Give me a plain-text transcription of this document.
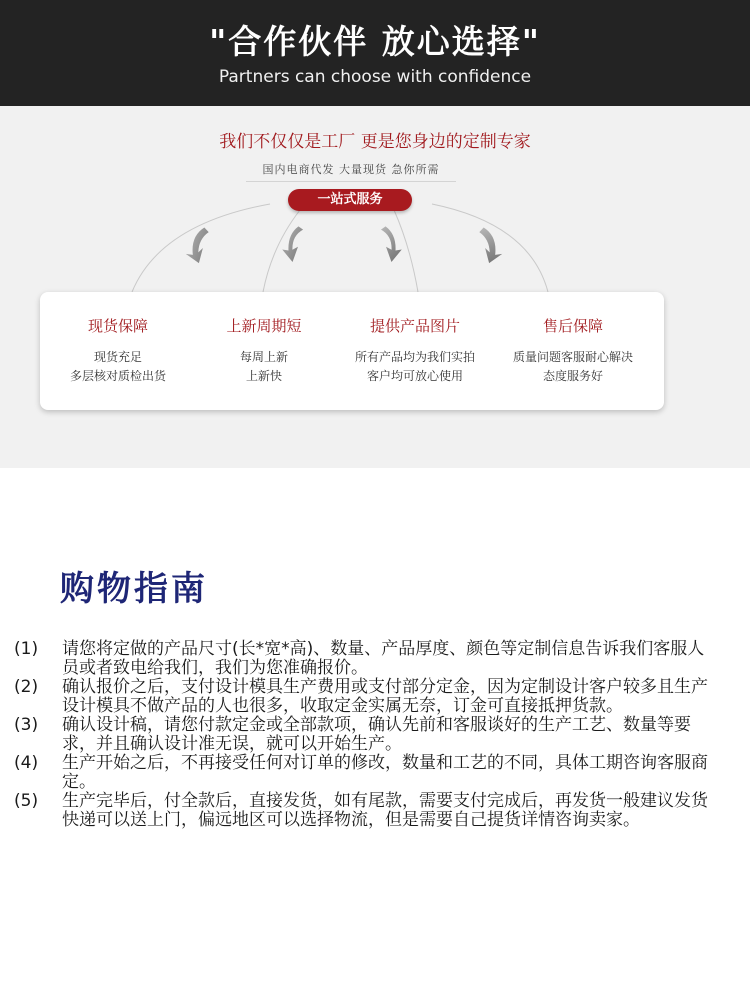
"合作伙伴 放心选择"
Partners can choose with confidence
我们不仅仅是工厂 更是您身边的定制专家
国内电商代发 大量现货 急你所需
一站式服务
现货保障
现货充足
多层核对质检出货
上新周期短
每周上新
上新快
提供产品图片
所有产品均为我们实拍
客户均可放心使用
售后保障
质量问题客服耐心解决
态度服务好
购物指南
(1) 请您将定做的产品尺寸(长*宽*高)、数量、产品厚度、颜色等定制信息告诉我们客服人员或者致电给我们，我们为您准确报价。
(2) 确认报价之后，支付设计模具生产费用或支付部分定金，因为定制设计客户较多且生产设计模具不做产品的人也很多，收取定金实属无奈，订金可直接抵押货款。
(3) 确认设计稿，请您付款定金或全部款项，确认先前和客服谈好的生产工艺、数量等要求，并且确认设计准无误，就可以开始生产。
(4) 生产开始之后，不再接受任何对订单的修改，数量和工艺的不同，具体工期咨询客服商定。
(5) 生产完毕后，付全款后，直接发货，如有尾款，需要支付完成后，再发货一般建议发货快递可以送上门，偏远地区可以选择物流，但是需要自己提货详情咨询卖家。
